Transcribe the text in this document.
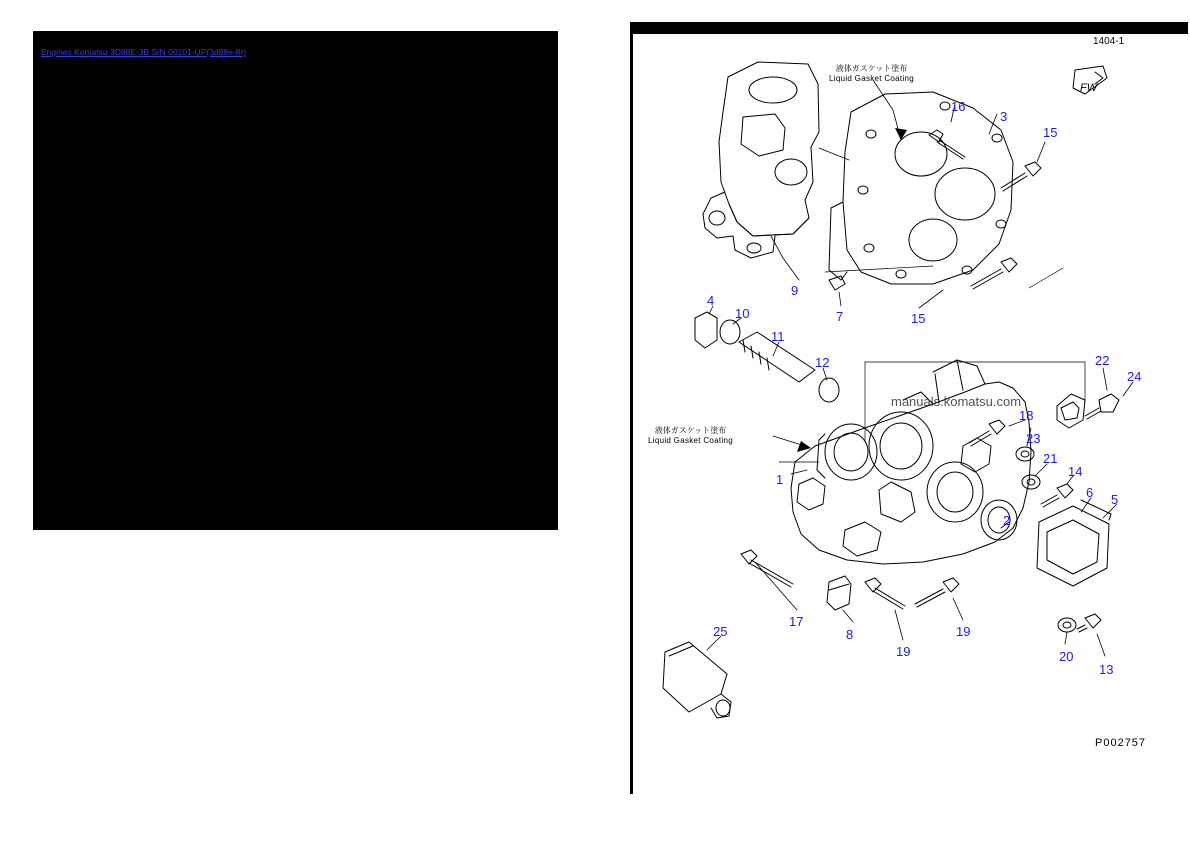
Engines Komatsu 3D88E-3B S/N 00101-UP(3d88e-8r)
液体ガスケット塗布
Liquid Gasket Coating
液体ガスケット塗布
Liquid Gasket Coating
FW
1404-1
manuals.komatsu.com
P002757
16
3
15
9
7	15
4
10
11
12	22
24
18
23
1
21
14
6 5
2
17
8
19
19
20
13
25
